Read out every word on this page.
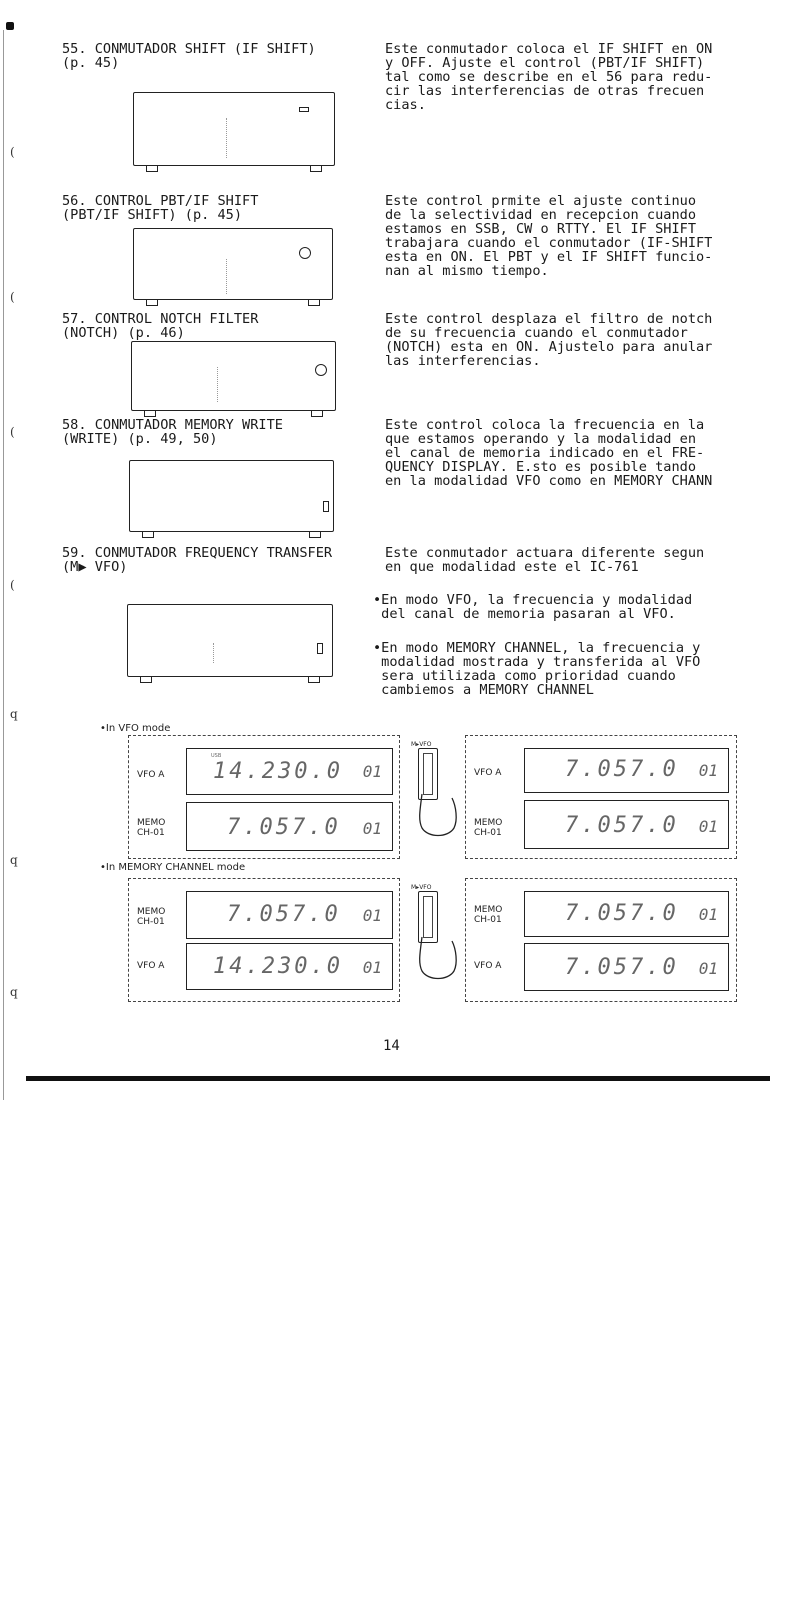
(
(
(
(
q
q
q
55. CONMUTADOR SHIFT (IF SHIFT)
(p. 45)
Este conmutador coloca el IF SHIFT en ON
y OFF. Ajuste el control (PBT/IF SHIFT)
tal como se describe en el 56 para redu-
cir las interferencias de otras frecuen
cias.
56. CONTROL PBT/IF SHIFT
(PBT/IF SHIFT) (p. 45)
Este control prmite el ajuste continuo
de la selectividad en recepcion cuando
estamos en SSB, CW o RTTY. El IF SHIFT
trabajara cuando el conmutador (IF-SHIFT
esta en ON. El PBT y el IF SHIFT funcio-
nan al mismo tiempo.
57. CONTROL NOTCH FILTER
(NOTCH) (p. 46)
Este control desplaza el filtro de notch
de su frecuencia cuando el conmutador
(NOTCH) esta en ON. Ajustelo para anular
las interferencias.
58. CONMUTADOR MEMORY WRITE
(WRITE) (p. 49, 50)
Este control coloca la frecuencia en la
que estamos operando y la modalidad en
el canal de memoria indicado en el FRE-
QUENCY DISPLAY. E.sto es posible tando
en la modalidad VFO como en MEMORY CHANN
59. CONMUTADOR FREQUENCY TRANSFER
(M▶ VFO)
Este conmutador actuara diferente segun
en que modalidad este el IC-761
•En modo VFO, la frecuencia y modalidad
del canal de memoria pasaran al VFO.
•En modo MEMORY CHANNEL, la frecuencia y
modalidad mostrada y transferida al VFO
sera utilizada como prioridad cuando
cambiemos a MEMORY CHANNEL
•In VFO mode
VFO A
USB
14.230.0 01
MEMO
CH-01	7.057.0 01
M▸VFO
VFO A	7.057.0 01
MEMO
CH-01	7.057.0 01
•In MEMORY CHANNEL mode
MEMO
CH-01	7.057.0 01
VFO A 14.230.0 01
M▸VFO
MEMO
CH-01	7.057.0 01
VFO A	7.057.0 01
14
